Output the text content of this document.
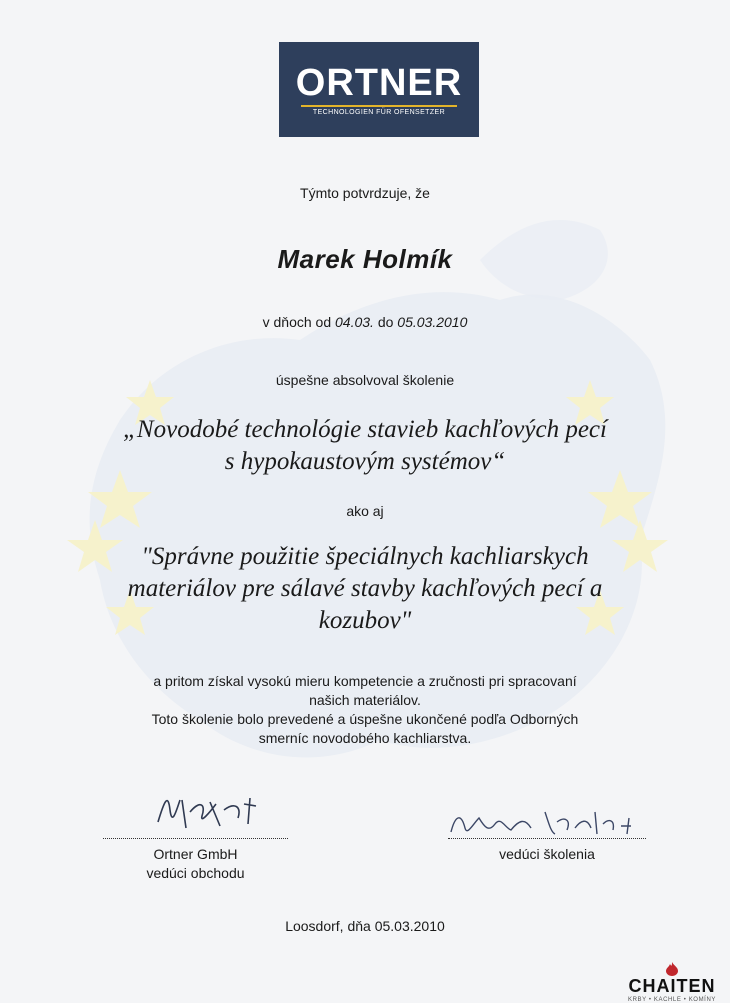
ORTNER
TECHNOLOGIEN FÜR OFENSETZER
Týmto potvrdzuje, že
Marek Holmík
v dňoch od 04.03. do 05.03.2010
úspešne absolvoval školenie
„Novodobé technológie stavieb kachľových pecí
s hypokaustovým systémov“
ako aj
"Správne použitie špeciálnych kachliarskych
materiálov pre sálavé stavby kachľových pecí a
kozubov"
a pritom získal vysokú mieru kompetencie a zručnosti pri spracovaní
našich materiálov.
Toto školenie bolo prevedené a úspešne ukončené podľa Odborných
smerníc novodobého kachliarstva.
Ortner GmbH
vedúci obchodu
vedúci školenia
Loosdorf, dňa 05.03.2010
CHAITEN
KRBY • KACHLE • KOMÍNY
